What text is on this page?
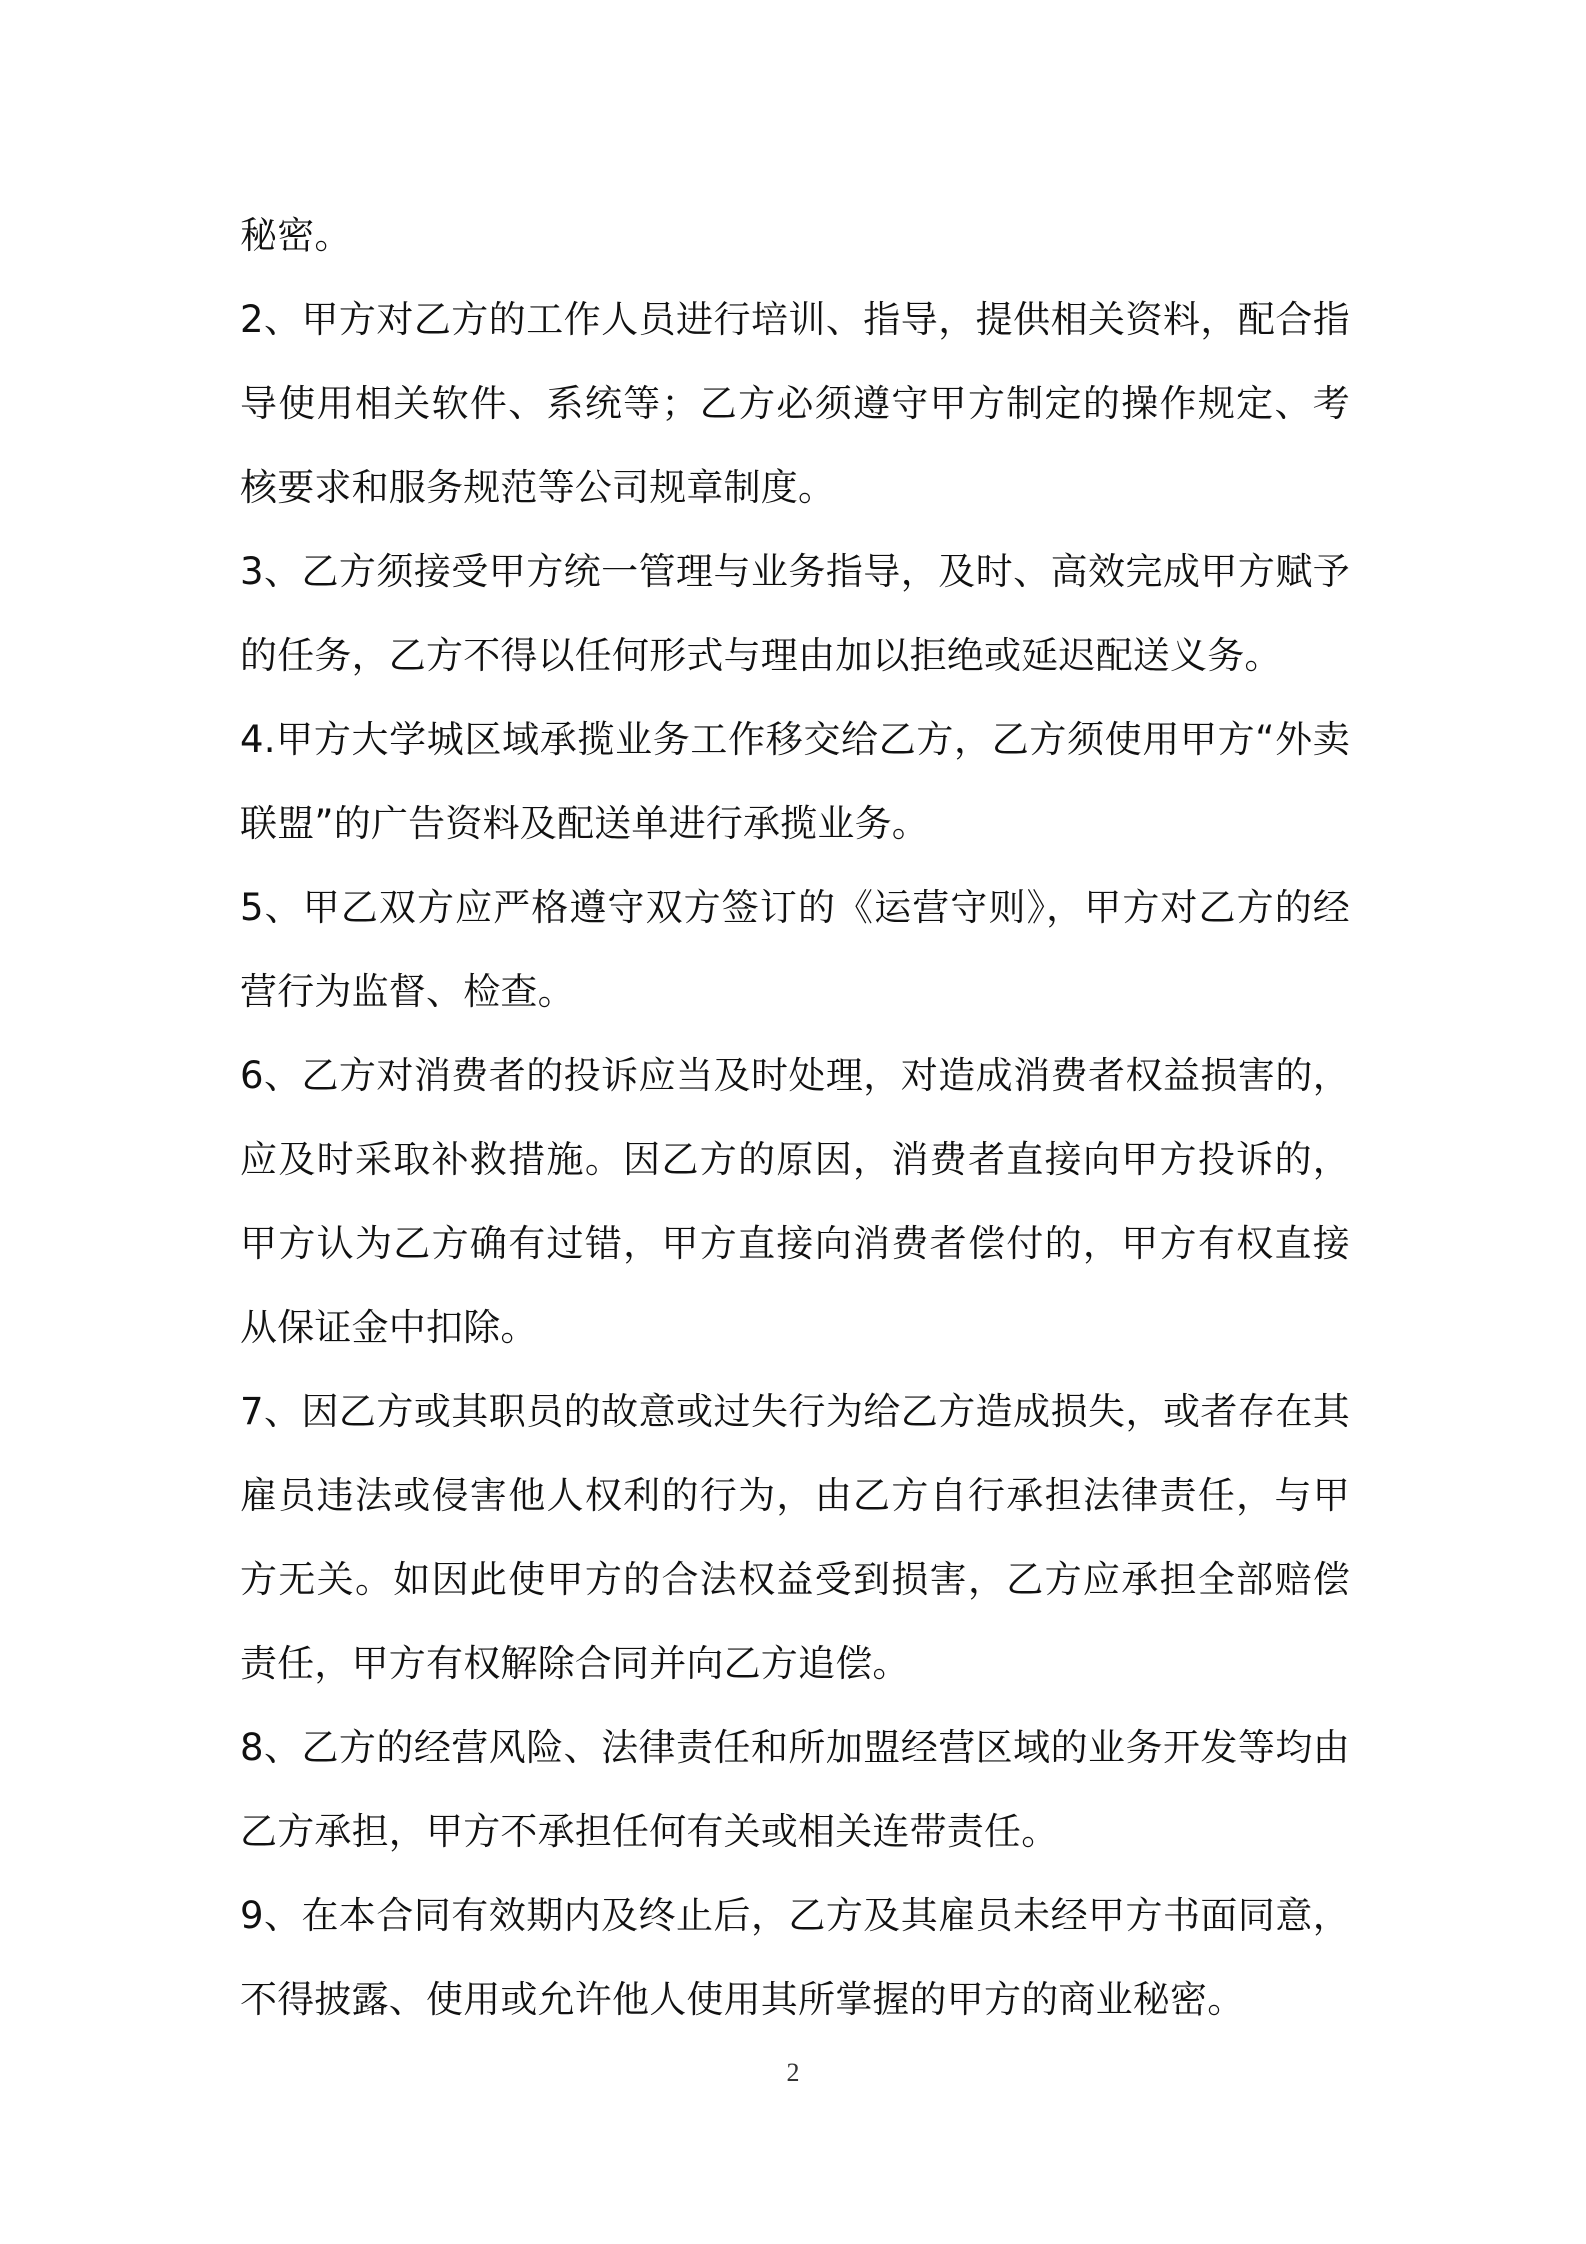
秘密。

2、甲方对乙方的工作人员进行培训、指导，提供相关资料，配合指导使用相关软件、系统等；乙方必须遵守甲方制定的操作规定、考核要求和服务规范等公司规章制度。

3、乙方须接受甲方统一管理与业务指导，及时、高效完成甲方赋予的任务，乙方不得以任何形式与理由加以拒绝或延迟配送义务。

4.甲方大学城区域承揽业务工作移交给乙方，乙方须使用甲方“外卖联盟”的广告资料及配送单进行承揽业务。

5、甲乙双方应严格遵守双方签订的《运营守则》，甲方对乙方的经营行为监督、检查。

6、乙方对消费者的投诉应当及时处理，对造成消费者权益损害的，应及时采取补救措施。因乙方的原因，消费者直接向甲方投诉的，甲方认为乙方确有过错，甲方直接向消费者偿付的，甲方有权直接从保证金中扣除。

7、因乙方或其职员的故意或过失行为给乙方造成损失，或者存在其雇员违法或侵害他人权利的行为，由乙方自行承担法律责任，与甲方无关。如因此使甲方的合法权益受到损害，乙方应承担全部赔偿责任，甲方有权解除合同并向乙方追偿。

8、乙方的经营风险、法律责任和所加盟经营区域的业务开发等均由乙方承担，甲方不承担任何有关或相关连带责任。

9、在本合同有效期内及终止后，乙方及其雇员未经甲方书面同意，不得披露、使用或允许他人使用其所掌握的甲方的商业秘密。

2
